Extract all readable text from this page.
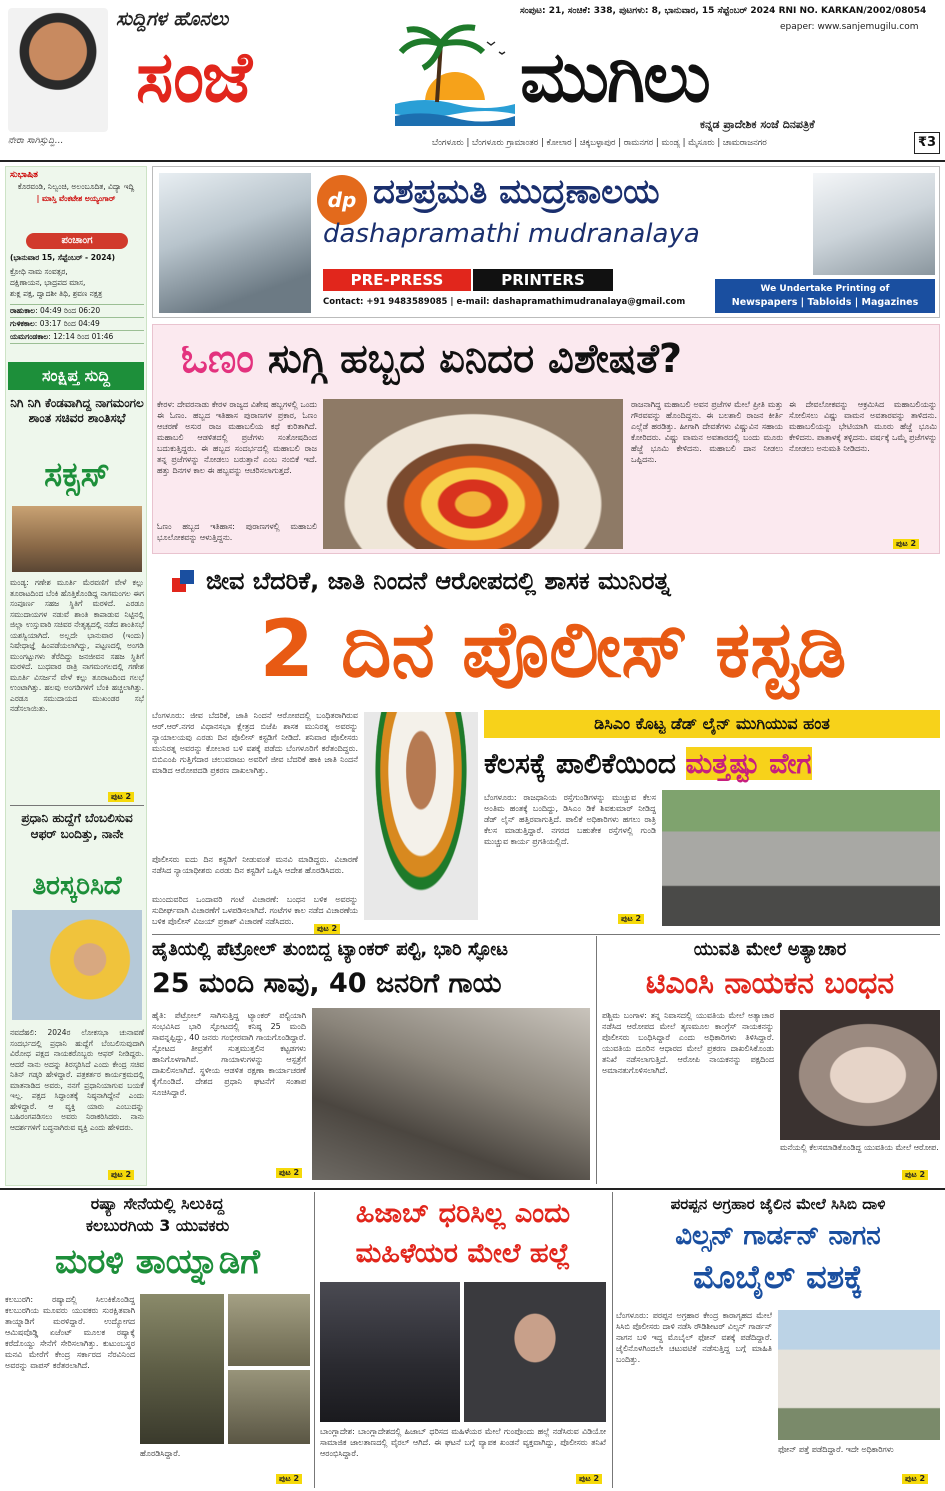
ನೇರಾ ಸಾಗಿಸ್ಸುದ್ದಿ...
ಸುದ್ದಿಗಳ ಹೊನಲು
ಸಂಜೆ	ಮುಗಿಲು
ಸಂಪುಟ: 21, ಸಂಚಿಕೆ: 338, ಪುಟಗಳು: 8, ಭಾನುವಾರ, 15 ಸೆಪ್ಟೆಂಬರ್ 2024 RNI NO. KARKAN/2002/08054
epaper: www.sanjemugilu.com
ಕನ್ನಡ ಪ್ರಾದೇಶಿಕ ಸಂಜೆ ದಿನಪತ್ರಿಕೆ
ಬೆಂಗಳೂರು | ಬೆಂಗಳೂರು ಗ್ರಾಮಾಂತರ | ಕೋಲಾರ | ಚಿಕ್ಕಬಳ್ಳಾಪುರ | ರಾಮನಗರ | ಮಂಡ್ಯ | ಮೈಸೂರು | ಚಾಮರಾಜನಗರ	₹3
ಸುಭಾಷಿತ
ಕೊರವಂಡಿ, ನಿಲ್ವಂಚಿ, ಅಲಂಬೂದಿತ, ವಿದ್ಯಾ ಇದ್ದಿ
| ಮಾಸ್ತಿ ವೆಂಕಟೇಶ ಅಯ್ಯಂಗಾರ್
ಪಂಚಾಂಗ
(ಭಾನುವಾರ 15, ಸೆಪ್ಟೆಂಬರ್ - 2024)
ಕ್ರೋಧಿ ನಾಮ ಸಂವತ್ಸರ,
ದಕ್ಷಿಣಾಯನ, ಭಾದ್ರಪದ ಮಾಸ,
ಶುಕ್ಲ ಪಕ್ಷ, ದ್ವಾದಶೀ ತಿಥಿ, ಶ್ರವಣ ನಕ್ಷತ್ರ
ರಾಹುಕಾಲ: 04:49 ರಿಂದ 06:20
ಗುಳಿಕಕಾಲ: 03:17 ರಿಂದ 04:49
ಯಮಗಂಡಕಾಲ: 12:14 ರಿಂದ 01:46
ಸಂಕ್ಷಿಪ್ತ ಸುದ್ದಿ
ನಿಗಿ ನಿಗಿ ಕೆಂಡವಾಗಿದ್ದ ನಾಗಮಂಗಲ ಶಾಂತ ಸಚಿವರ ಶಾಂತಿಸಭೆ
ಸಕ್ಸಸ್
ಮಂಡ್ಯ: ಗಣೇಶ ಮೂರ್ತಿ ಮೆರವಣಿಗೆ ವೇಳೆ ಕಲ್ಲು ತೂರಾಟದಿಂದ ಬೆಂಕಿ ಹೊತ್ತಿಕೊಂಡಿದ್ದ ನಾಗಮಂಗಲ ಈಗ ಸಂಪೂರ್ಣ ಸಹಜ ಸ್ಥಿತಿಗೆ ಮರಳಿದೆ. ಎರಡೂ ಸಮುದಾಯಗಳ ನಡುವೆ ಶಾಂತಿ ಕಾಪಾಡುವ ನಿಟ್ಟಿನಲ್ಲಿ ಜಿಲ್ಲಾ ಉಸ್ತುವಾರಿ ಸಚಿವರ ನೇತೃತ್ವದಲ್ಲಿ ನಡೆದ ಶಾಂತಿಸಭೆ ಯಶಸ್ವಿಯಾಗಿದೆ. ಅಲ್ಲದೇ ಭಾನುವಾರ (ಇಂದು) ನಿಷೇಧಾಜ್ಞೆ ಹಿಂಪಡೆಯಲಾಗಿದ್ದು, ಪಟ್ಟಣದಲ್ಲಿ ಅಂಗಡಿ ಮುಂಗಟ್ಟುಗಳು ತೆರೆದಿದ್ದು ಜನಜೀವನ ಸಹಜ ಸ್ಥಿತಿಗೆ ಮರಳಿದೆ. ಬುಧವಾರ ರಾತ್ರಿ ನಾಗಮಂಗಲದಲ್ಲಿ ಗಣೇಶ ಮೂರ್ತಿ ವಿಸರ್ಜನೆ ವೇಳೆ ಕಲ್ಲು ತೂರಾಟದಿಂದ ಗಲಭೆ ಉಂಟಾಗಿತ್ತು. ಹಲವು ಅಂಗಡಿಗಳಿಗೆ ಬೆಂಕಿ ಹಚ್ಚಲಾಗಿತ್ತು. ಎರಡೂ ಸಮುದಾಯದ ಮುಖಂಡರ ಸಭೆ ನಡೆಸಲಾಯಿತು.
ಪುಟ 2
ಪ್ರಧಾನಿ ಹುದ್ದೆಗೆ ಬೆಂಬಲಿಸುವ ಆಫರ್ ಬಂದಿತ್ತು, ನಾನೇ
ತಿರಸ್ಕರಿಸಿದೆ
ನವದೆಹಲಿ: 2024ರ ಲೋಕಸಭಾ ಚುನಾವಣೆ ಸಂದರ್ಭದಲ್ಲಿ ಪ್ರಧಾನಿ ಹುದ್ದೆಗೆ ಬೆಂಬಲಿಸುವುದಾಗಿ ವಿರೋಧ ಪಕ್ಷದ ನಾಯಕರೊಬ್ಬರು ಆಫರ್ ನೀಡಿದ್ದರು. ಆದರೆ ನಾನು ಅದನ್ನು ತಿರಸ್ಕರಿಸಿದೆ ಎಂದು ಕೇಂದ್ರ ಸಚಿವ ನಿತಿನ್ ಗಡ್ಕರಿ ಹೇಳಿದ್ದಾರೆ. ಪತ್ರಕರ್ತರ ಕಾರ್ಯಕ್ರಮದಲ್ಲಿ ಮಾತನಾಡಿದ ಅವರು, ನನಗೆ ಪ್ರಧಾನಿಯಾಗುವ ಬಯಕೆ ಇಲ್ಲ. ಪಕ್ಷದ ಸಿದ್ಧಾಂತಕ್ಕೆ ನಿಷ್ಠನಾಗಿದ್ದೇನೆ ಎಂದು ಹೇಳಿದ್ದಾರೆ. ಆ ವ್ಯಕ್ತಿ ಯಾರು ಎಂಬುದನ್ನು ಬಹಿರಂಗಪಡಿಸಲು ಅವರು ನಿರಾಕರಿಸಿದರು. ನಾನು ಆದರ್ಶಗಳಿಗೆ ಬದ್ಧನಾಗಿರುವ ವ್ಯಕ್ತಿ ಎಂದು ಹೇಳಿದರು.
ಪುಟ 2
dp ದಶಪ್ರಮತಿ ಮುದ್ರಣಾಲಯ
dashapramathi mudranalaya
PRE-PRESS	PRINTERS
Contact: +91 9483589085 | e-mail: dashapramathimudranalaya@gmail.com
We Undertake Printing of
Newspapers | Tabloids | Magazines
ಓಣಂ ಸುಗ್ಗಿ ಹಬ್ಬದ ಏನಿದರ ವಿಶೇಷತೆ?
ಕೇರಳ: ದೇವರನಾಡು ಕೇರಳ ರಾಜ್ಯದ ವಿಶೇಷ ಹಬ್ಬಗಳಲ್ಲಿ ಒಂದು ಈ ಓಣಂ. ಹಬ್ಬದ ಇತಿಹಾಸ ಪುರಾಣಗಳ ಪ್ರಕಾರ, ಓಣಂ ಆಚರಣೆ ಅಸುರ ರಾಜ ಮಹಾಬಲಿಯ ಕಥೆ ಕುರಿತಾಗಿದೆ. ಮಹಾಬಲಿ ಆಡಳಿತದಲ್ಲಿ ಪ್ರಜೆಗಳು ಸಂತೋಷದಿಂದ ಬದುಕುತ್ತಿದ್ದರು. ಈ ಹಬ್ಬದ ಸಂದರ್ಭದಲ್ಲಿ ಮಹಾಬಲಿ ರಾಜ ತನ್ನ ಪ್ರಜೆಗಳನ್ನು ನೋಡಲು ಬರುತ್ತಾನೆ ಎಂಬ ನಂಬಿಕೆ ಇದೆ. ಹತ್ತು ದಿನಗಳ ಕಾಲ ಈ ಹಬ್ಬವನ್ನು ಆಚರಿಸಲಾಗುತ್ತದೆ.
ಓಣಂ ಹಬ್ಬದ ಇತಿಹಾಸ: ಪುರಾಣಗಳಲ್ಲಿ ಮಹಾಬಲಿ ಭೂಲೋಕವನ್ನು ಆಳುತ್ತಿದ್ದನು.
ರಾಜನಾಗಿದ್ದ ಮಹಾಬಲಿ ಅವನ ಪ್ರಜೆಗಳ ಮೇಲೆ ಪ್ರೀತಿ ಮತ್ತು ಗೌರವವನ್ನು ಹೊಂದಿದ್ದನು. ಈ ಬಲಶಾಲಿ ರಾಜನ ಕೀರ್ತಿ ಎಲ್ಲೆಡೆ ಹರಡಿತ್ತು. ಹೀಗಾಗಿ ದೇವತೆಗಳು ವಿಷ್ಣುವಿನ ಸಹಾಯ ಕೋರಿದರು. ವಿಷ್ಣು ವಾಮನ ಅವತಾರದಲ್ಲಿ ಬಂದು ಮೂರು ಹೆಜ್ಜೆ ಭೂಮಿ ಕೇಳಿದನು. ಮಹಾಬಲಿ ದಾನ ನೀಡಲು ಒಪ್ಪಿದನು.
ಈ ದೇವಲೋಕವನ್ನು ಆಕ್ರಮಿಸಿದ ಮಹಾಬಲಿಯನ್ನು ಸೋಲಿಸಲು ವಿಷ್ಣು ವಾಮನ ಅವತಾರವನ್ನು ತಾಳಿದನು. ಮಹಾಬಲಿಯನ್ನು ಭೇಟಿಯಾಗಿ ಮೂರು ಹೆಜ್ಜೆ ಭೂಮಿ ಕೇಳಿದನು. ಪಾತಾಳಕ್ಕೆ ತಳ್ಳಿದನು. ವರ್ಷಕ್ಕೆ ಒಮ್ಮೆ ಪ್ರಜೆಗಳನ್ನು ನೋಡಲು ಅನುಮತಿ ನೀಡಿದನು.
ಪುಟ 2
ಜೀವ ಬೆದರಿಕೆ, ಜಾತಿ ನಿಂದನೆ ಆರೋಪದಲ್ಲಿ ಶಾಸಕ ಮುನಿರತ್ನ
2 ದಿನ ಪೊಲೀಸ್ ಕಸ್ಟಡಿ
ಬೆಂಗಳೂರು: ಜೀವ ಬೆದರಿಕೆ, ಜಾತಿ ನಿಂದನೆ ಆರೋಪದಲ್ಲಿ ಬಂಧಿತರಾಗಿರುವ ಆರ್.ಆರ್.ನಗರ ವಿಧಾನಸಭಾ ಕ್ಷೇತ್ರದ ಬಿಜೆಪಿ ಶಾಸಕ ಮುನಿರತ್ನ ಅವರನ್ನು ನ್ಯಾಯಾಲಯವು ಎರಡು ದಿನ ಪೊಲೀಸ್ ಕಸ್ಟಡಿಗೆ ನೀಡಿದೆ. ಶನಿವಾರ ಪೊಲೀಸರು ಮುನಿರತ್ನ ಅವರನ್ನು ಕೋಲಾರ ಬಳಿ ವಶಕ್ಕೆ ಪಡೆದು ಬೆಂಗಳೂರಿಗೆ ಕರೆತಂದಿದ್ದರು. ಬಿಬಿಎಂಪಿ ಗುತ್ತಿಗೆದಾರ ಚಲುವರಾಜು ಅವರಿಗೆ ಜೀವ ಬೆದರಿಕೆ ಹಾಕಿ ಜಾತಿ ನಿಂದನೆ ಮಾಡಿದ ಆರೋಪದಡಿ ಪ್ರಕರಣ ದಾಖಲಾಗಿತ್ತು.
ಪೊಲೀಸರು ಐದು ದಿನ ಕಸ್ಟಡಿಗೆ ನೀಡುವಂತೆ ಮನವಿ ಮಾಡಿದ್ದರು. ವಿಚಾರಣೆ ನಡೆಸಿದ ನ್ಯಾಯಾಧೀಶರು ಎರಡು ದಿನ ಕಸ್ಟಡಿಗೆ ಒಪ್ಪಿಸಿ ಆದೇಶ ಹೊರಡಿಸಿದರು.
ಮುಂದುವರಿದ ಒಂದಾವರಿ ಗಂಟೆ ವಿಚಾರಣೆ: ಬಂಧನ ಬಳಿಕ ಅವರನ್ನು ಸುದೀರ್ಘವಾಗಿ ವಿಚಾರಣೆಗೆ ಒಳಪಡಿಸಲಾಗಿದೆ. ಗಂಟೆಗಳ ಕಾಲ ನಡೆದ ವಿಚಾರಣೆಯ ಬಳಿಕ ಪೊಲೀಸ್ ವಿಜಯ್ ಪ್ರಕಾಶ್ ವಿಚಾರಣೆ ನಡೆಸಿದರು.
ಪುಟ 2
ಡಿಸಿಎಂ ಕೊಟ್ಟ ಡೆಡ್ ಲೈನ್ ಮುಗಿಯುವ ಹಂತ
ಕೆಲಸಕ್ಕೆ ಪಾಲಿಕೆಯಿಂದ ಮತ್ತಷ್ಟು ವೇಗ
ಬೆಂಗಳೂರು: ರಾಜಧಾನಿಯ ರಸ್ತೆಗುಂಡಿಗಳನ್ನು ಮುಚ್ಚುವ ಕೆಲಸ ಅಂತಿಮ ಹಂತಕ್ಕೆ ಬಂದಿದ್ದು, ಡಿಸಿಎಂ ಡಿಕೆ ಶಿವಕುಮಾರ್ ನೀಡಿದ್ದ ಡೆಡ್ ಲೈನ್ ಹತ್ತಿರವಾಗುತ್ತಿದೆ. ಪಾಲಿಕೆ ಅಧಿಕಾರಿಗಳು ಹಗಲು ರಾತ್ರಿ ಕೆಲಸ ಮಾಡುತ್ತಿದ್ದಾರೆ. ನಗರದ ಬಹುತೇಕ ರಸ್ತೆಗಳಲ್ಲಿ ಗುಂಡಿ ಮುಚ್ಚುವ ಕಾರ್ಯ ಪ್ರಗತಿಯಲ್ಲಿದೆ.
ಪುಟ 2
ಹೈತಿಯಲ್ಲಿ ಪೆಟ್ರೋಲ್ ತುಂಬಿದ್ದ ಟ್ಯಾಂಕರ್ ಪಲ್ಟಿ, ಭಾರಿ ಸ್ಫೋಟ
25 ಮಂದಿ ಸಾವು, 40 ಜನರಿಗೆ ಗಾಯ
ಹೈತಿ: ಪೆಟ್ರೋಲ್ ಸಾಗಿಸುತ್ತಿದ್ದ ಟ್ಯಾಂಕರ್ ಪಲ್ಟಿಯಾಗಿ ಸಂಭವಿಸಿದ ಭಾರಿ ಸ್ಫೋಟದಲ್ಲಿ ಕನಿಷ್ಠ 25 ಮಂದಿ ಸಾವನ್ನಪ್ಪಿದ್ದು, 40 ಜನರು ಗಂಭೀರವಾಗಿ ಗಾಯಗೊಂಡಿದ್ದಾರೆ. ಸ್ಫೋಟದ ತೀವ್ರತೆಗೆ ಸುತ್ತಮುತ್ತಲಿನ ಕಟ್ಟಡಗಳು ಹಾನಿಗೊಳಗಾಗಿವೆ. ಗಾಯಾಳುಗಳನ್ನು ಆಸ್ಪತ್ರೆಗೆ ದಾಖಲಿಸಲಾಗಿದೆ. ಸ್ಥಳೀಯ ಆಡಳಿತ ರಕ್ಷಣಾ ಕಾರ್ಯಾಚರಣೆ ಕೈಗೊಂಡಿದೆ. ದೇಶದ ಪ್ರಧಾನಿ ಘಟನೆಗೆ ಸಂತಾಪ ಸೂಚಿಸಿದ್ದಾರೆ.
ಪುಟ 2
ಯುವತಿ ಮೇಲೆ ಅತ್ಯಾಚಾರ
ಟಿಎಂಸಿ ನಾಯಕನ ಬಂಧನ
ಪಶ್ಚಿಮ ಬಂಗಾಳ: ತನ್ನ ನಿವಾಸದಲ್ಲಿ ಯುವತಿಯ ಮೇಲೆ ಅತ್ಯಾಚಾರ ನಡೆಸಿದ ಆರೋಪದ ಮೇಲೆ ತೃಣಮೂಲ ಕಾಂಗ್ರೆಸ್ ನಾಯಕನನ್ನು ಪೊಲೀಸರು ಬಂಧಿಸಿದ್ದಾರೆ ಎಂದು ಅಧಿಕಾರಿಗಳು ತಿಳಿಸಿದ್ದಾರೆ. ಯುವತಿಯ ದೂರಿನ ಆಧಾರದ ಮೇಲೆ ಪ್ರಕರಣ ದಾಖಲಿಸಿಕೊಂಡು ತನಿಖೆ ನಡೆಸಲಾಗುತ್ತಿದೆ. ಆರೋಪಿ ನಾಯಕನನ್ನು ಪಕ್ಷದಿಂದ ಅಮಾನತುಗೊಳಿಸಲಾಗಿದೆ.
ಮನೆಯಲ್ಲಿ ಕೆಲಸಮಾಡಿಕೊಂಡಿದ್ದ ಯುವತಿಯ ಮೇಲೆ ಆರೋಪ.
ಪುಟ 2
ರಷ್ಯಾ ಸೇನೆಯಲ್ಲಿ ಸಿಲುಕಿದ್ದ
ಕಲಬುರಗಿಯ 3 ಯುವಕರು
ಮರಳಿ ತಾಯ್ನಾಡಿಗೆ
ಕಲಬುರಗಿ: ರಷ್ಯಾದಲ್ಲಿ ಸಿಲುಕಿಕೊಂಡಿದ್ದ ಕಲಬುರಗಿಯ ಮೂವರು ಯುವಕರು ಸುರಕ್ಷಿತವಾಗಿ ತಾಯ್ನಾಡಿಗೆ ಮರಳಿದ್ದಾರೆ. ಉದ್ಯೋಗದ ಆಮಿಷವೊಡ್ಡಿ ಏಜೆಂಟ್ ಮೂಲಕ ರಷ್ಯಾಕ್ಕೆ ಕರೆದೊಯ್ದು ಸೇನೆಗೆ ಸೇರಿಸಲಾಗಿತ್ತು. ಕುಟುಂಬಸ್ಥರ ಮನವಿ ಮೇರೆಗೆ ಕೇಂದ್ರ ಸರ್ಕಾರದ ನೆರವಿನಿಂದ ಅವರನ್ನು ವಾಪಸ್ ಕರೆತರಲಾಗಿದೆ.
ಹೊರಡಿಸಿದ್ದಾರೆ.
ಪುಟ 2
ಹಿಜಾಬ್ ಧರಿಸಿಲ್ಲ ಎಂದು
ಮಹಿಳೆಯರ ಮೇಲೆ ಹಲ್ಲೆ
ಬಾಂಗ್ಲಾದೇಶ: ಬಾಂಗ್ಲಾದೇಶದಲ್ಲಿ ಹಿಜಾಬ್ ಧರಿಸದ ಮಹಿಳೆಯರ ಮೇಲೆ ಗುಂಪೊಂದು ಹಲ್ಲೆ ನಡೆಸಿರುವ ವಿಡಿಯೋ ಸಾಮಾಜಿಕ ಜಾಲತಾಣದಲ್ಲಿ ವೈರಲ್ ಆಗಿದೆ. ಈ ಘಟನೆ ಬಗ್ಗೆ ವ್ಯಾಪಕ ಖಂಡನೆ ವ್ಯಕ್ತವಾಗಿದ್ದು, ಪೊಲೀಸರು ತನಿಖೆ ಆರಂಭಿಸಿದ್ದಾರೆ.
ಪುಟ 2
ಪರಪ್ಪನ ಅಗ್ರಹಾರ ಜೈಲಿನ ಮೇಲೆ ಸಿಸಿಬಿ ದಾಳಿ
ವಿಲ್ಸನ್ ಗಾರ್ಡನ್ ನಾಗನ
ಮೊಬೈಲ್ ವಶಕ್ಕೆ
ಬೆಂಗಳೂರು: ಪರಪ್ಪನ ಅಗ್ರಹಾರ ಕೇಂದ್ರ ಕಾರಾಗೃಹದ ಮೇಲೆ ಸಿಸಿಬಿ ಪೊಲೀಸರು ದಾಳಿ ನಡೆಸಿ ರೌಡಿಶೀಟರ್ ವಿಲ್ಸನ್ ಗಾರ್ಡನ್ ನಾಗನ ಬಳಿ ಇದ್ದ ಮೊಬೈಲ್ ಫೋನ್ ವಶಕ್ಕೆ ಪಡೆದಿದ್ದಾರೆ. ಜೈಲಿನೊಳಗಿಂದಲೇ ಚಟುವಟಿಕೆ ನಡೆಸುತ್ತಿದ್ದ ಬಗ್ಗೆ ಮಾಹಿತಿ ಬಂದಿತ್ತು.
ಫೋನ್ ಪತ್ತೆ ಪಡೆದಿದ್ದಾರೆ. ಇದೇ ಅಧಿಕಾರಿಗಳು
ಪುಟ 2
